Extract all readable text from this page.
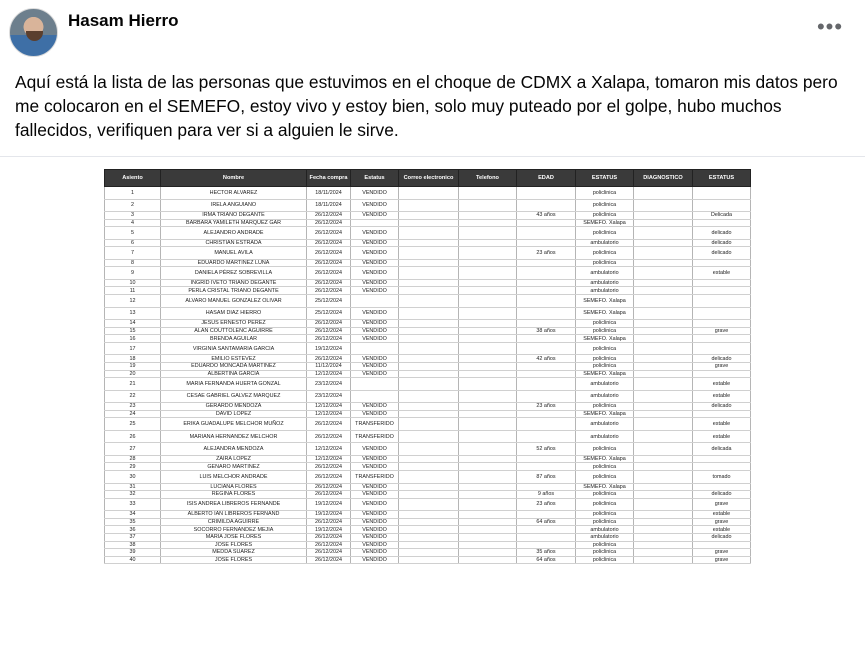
Hasam Hierro	•••
Aquí está la lista de las personas que estuvimos en el choque de CDMX a Xalapa, tomaron mis datos pero me colocaron en el SEMEFO, estoy vivo y estoy bien, solo muy puteado por el golpe, hubo muchos fallecidos, verifiquen para ver si a alguien le sirve.
Asiento	Nombre	Fecha compra	Estatus	Correo electronico	Telefono		EDAD	ESTATUS	DIAGNOSTICO	ESTATUS
1	HECTOR ALVAREZ	18/11/2024	VENDIDO					policlinica		
2	IRELA ANGUIANO	18/11/2024	VENDIDO					policlinica		
3	IRMA TRIANO DEGANTE	26/12/2024	VENDIDO				43 años	policlinica		Delicada
4	BARBARA YAMILETH MARQUEZ GAR	26/12/2024						SEMEFO. Xalapa		
5	ALEJANDRO ANDRADE	26/12/2024	VENDIDO					policlinica		delicado
6	CHRISTIAN ESTRADA	26/12/2024	VENDIDO					ambulatorio		delicado
7	MANUEL AVILA	26/12/2024	VENDIDO				23 años	policlinica		delicado
8	EDUARDO MARTINEZ LUNA	26/12/2024	VENDIDO					policlinica		
9	DANIELA PÉREZ SOBREVILLA	26/12/2024	VENDIDO					ambulatorio		estable
10	INGRID IVETO TRIANO DEGANTE	26/12/2024	VENDIDO					ambulatorio		
11	PERLA CRISTAL TRIANO DEGANTE	26/12/2024	VENDIDO					ambulatorio		
12	ALVARO MANUEL GONZALEZ OLIVAR	25/12/2024						SEMEFO. Xalapa		
13	HASAM DIAZ HIERRO	25/12/2024	VENDIDO					SEMEFO. Xalapa		
14	JESUS ERNESTO PEREZ	26/12/2024	VENDIDO					policlinica		
15	ALAN COUTTOLENC AGUIRRE	26/12/2024	VENDIDO				38 años	policlinica		grave
16	BRENDA AGUILAR	26/12/2024	VENDIDO					SEMEFO. Xalapa		
17	VIRGINIA SANTAMARIA GARCIA	19/12/2024						policlinica		
18	EMILIO ESTEVEZ	26/12/2024	VENDIDO				42 años	policlinica		delicado
19	EDUARDO MONCADA MARTINEZ	11/12/2024	VENDIDO					policlinica		grave
20	ALBERTINA GARCIA	12/12/2024	VENDIDO					SEMEFO. Xalapa		
21	MARIA FERNANDA HUERTA GONZAL	23/12/2024						ambulatorio		estable
22	CESAE GABRIEL GALVEZ MARQUEZ	23/12/2024						ambulatorio		estable
23	GERARDO MENDOZA	12/12/2024	VENDIDO				23 años	policlinica		delicado
24	DAVID LOPEZ	12/12/2024	VENDIDO					SEMEFO. Xalapa		
25	ERIKA GUADALUPE MELCHOR MUÑOZ	26/12/2024	TRANSFERIDO					ambulatorio		estable
26	MARIANA HERNANDEZ MELCHOR	26/12/2024	TRANSFERIDO					ambulatorio		estable
27	ALEJANDRA MENDOZA	12/12/2024	VENDIDO				52 años	policlinica		delicada
28	ZAIRA LOPEZ	12/12/2024	VENDIDO					SEMEFO. Xalapa		
29	GENARO MARTINEZ	26/12/2024	VENDIDO					policlinica		
30	LUIS MELCHOR ANDRADE	26/12/2024	TRANSFERIDO				87 años	policlinica		tomado
31	LUCIANA FLORES	26/12/2024	VENDIDO					SEMEFO. Xalapa		
32	REGINA FLORES	26/12/2024	VENDIDO				9 años	policlinica		delicado
33	ISIS ANDREA LIBREROS FERNANDE	19/12/2024	VENDIDO				23 años	policlinica		grave
34	ALBERTO IAN LIBREROS FERNAND	19/12/2024	VENDIDO					policlinica		estable
35	CRIMILDA AGUIRRE	26/12/2024	VENDIDO				64 años	policlinica		grave
36	SOCORRO FERNANDEZ MEJIA	19/12/2024	VENDIDO					ambulatorio		estable
37	MARIA JOSE FLORES	26/12/2024	VENDIDO					ambulatorio		delicado
38	JOSE FLORES	26/12/2024	VENDIDO					policlinica		
39	MEDDA SUAREZ	26/12/2024	VENDIDO				35 años	policlinica		grave
40	JOSE FLORES	26/12/2024	VENDIDO				64 años	policlinica		grave
